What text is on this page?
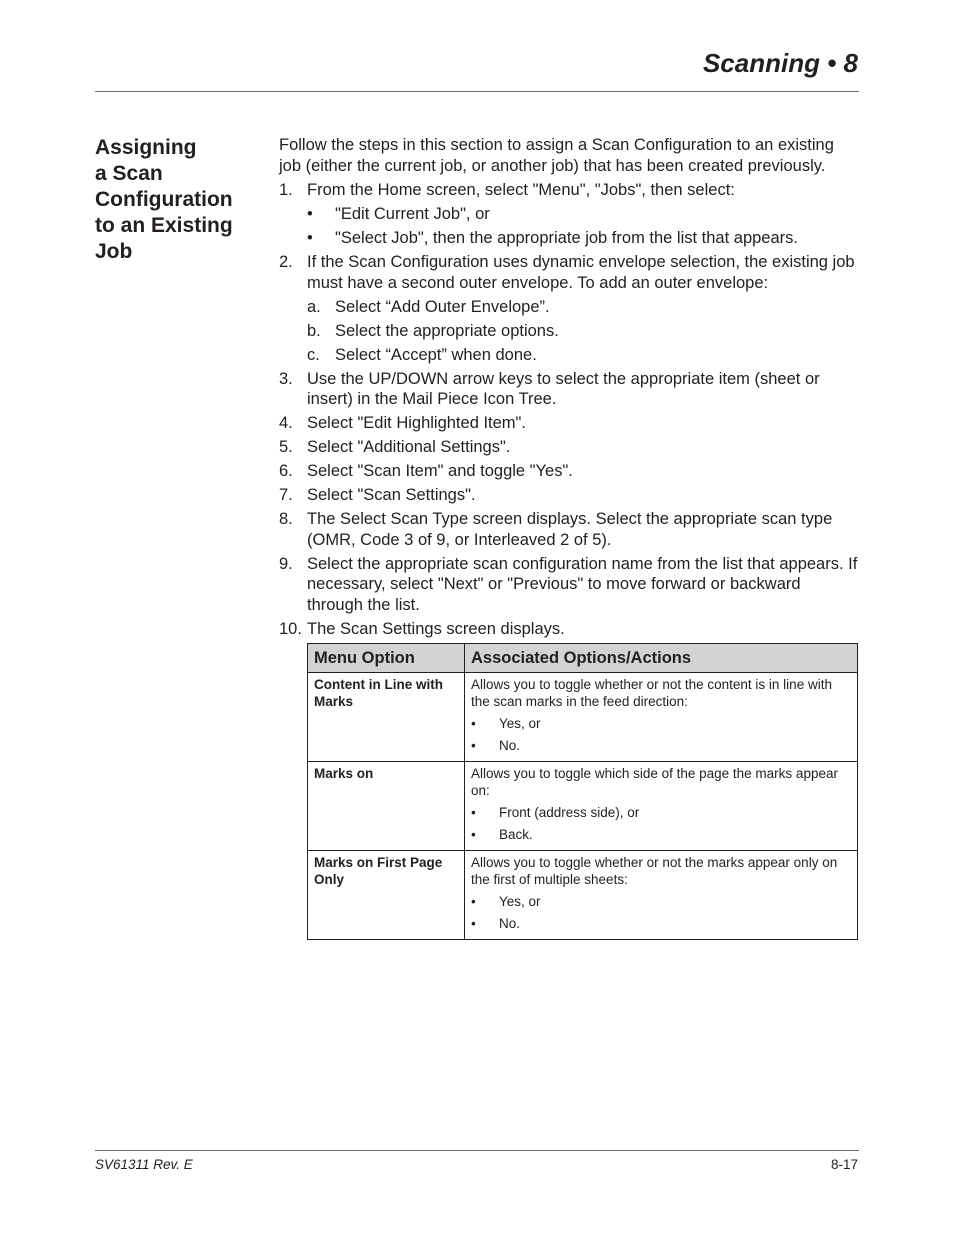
Scanning • 8
Assigning
a Scan
Configuration
to an Existing
Job

Follow the steps in this section to assign a Scan Configuration to an existing job (either the current job, or another job) that has been created previously.

1. From the Home screen, select "Menu", "Jobs", then select:
• "Edit Current Job", or
• "Select Job", then the appropriate job from the list that appears.
2. If the Scan Configuration uses dynamic envelope selection, the existing job must have a second outer envelope. To add an outer envelope:
a. Select “Add Outer Envelope”.
b. Select the appropriate options.
c. Select “Accept” when done.
3. Use the UP/DOWN arrow keys to select the appropriate item (sheet or insert) in the Mail Piece Icon Tree.
4. Select "Edit Highlighted Item".
5. Select "Additional Settings".
6. Select "Scan Item" and toggle "Yes".
7. Select "Scan Settings".
8. The Select Scan Type screen displays. Select the appropriate scan type (OMR, Code 3 of 9, or Interleaved 2 of 5).
9. Select the appropriate scan configuration name from the list that appears. If necessary, select "Next" or "Previous" to move forward or backward through the list.
10. The Scan Settings screen displays.
Menu Option	Associated Options/Actions
Content in Line with Marks	Allows you to toggle whether or not the content is in line with the scan marks in the feed direction:
• Yes, or
• No.

Marks on	Allows you to toggle which side of the page the marks appear on:
• Front (address side), or
• Back.

Marks on First Page Only	Allows you to toggle whether or not the marks appear only on the first of multiple sheets:
• Yes, or
• No.
SV61311 Rev. E	8-17
